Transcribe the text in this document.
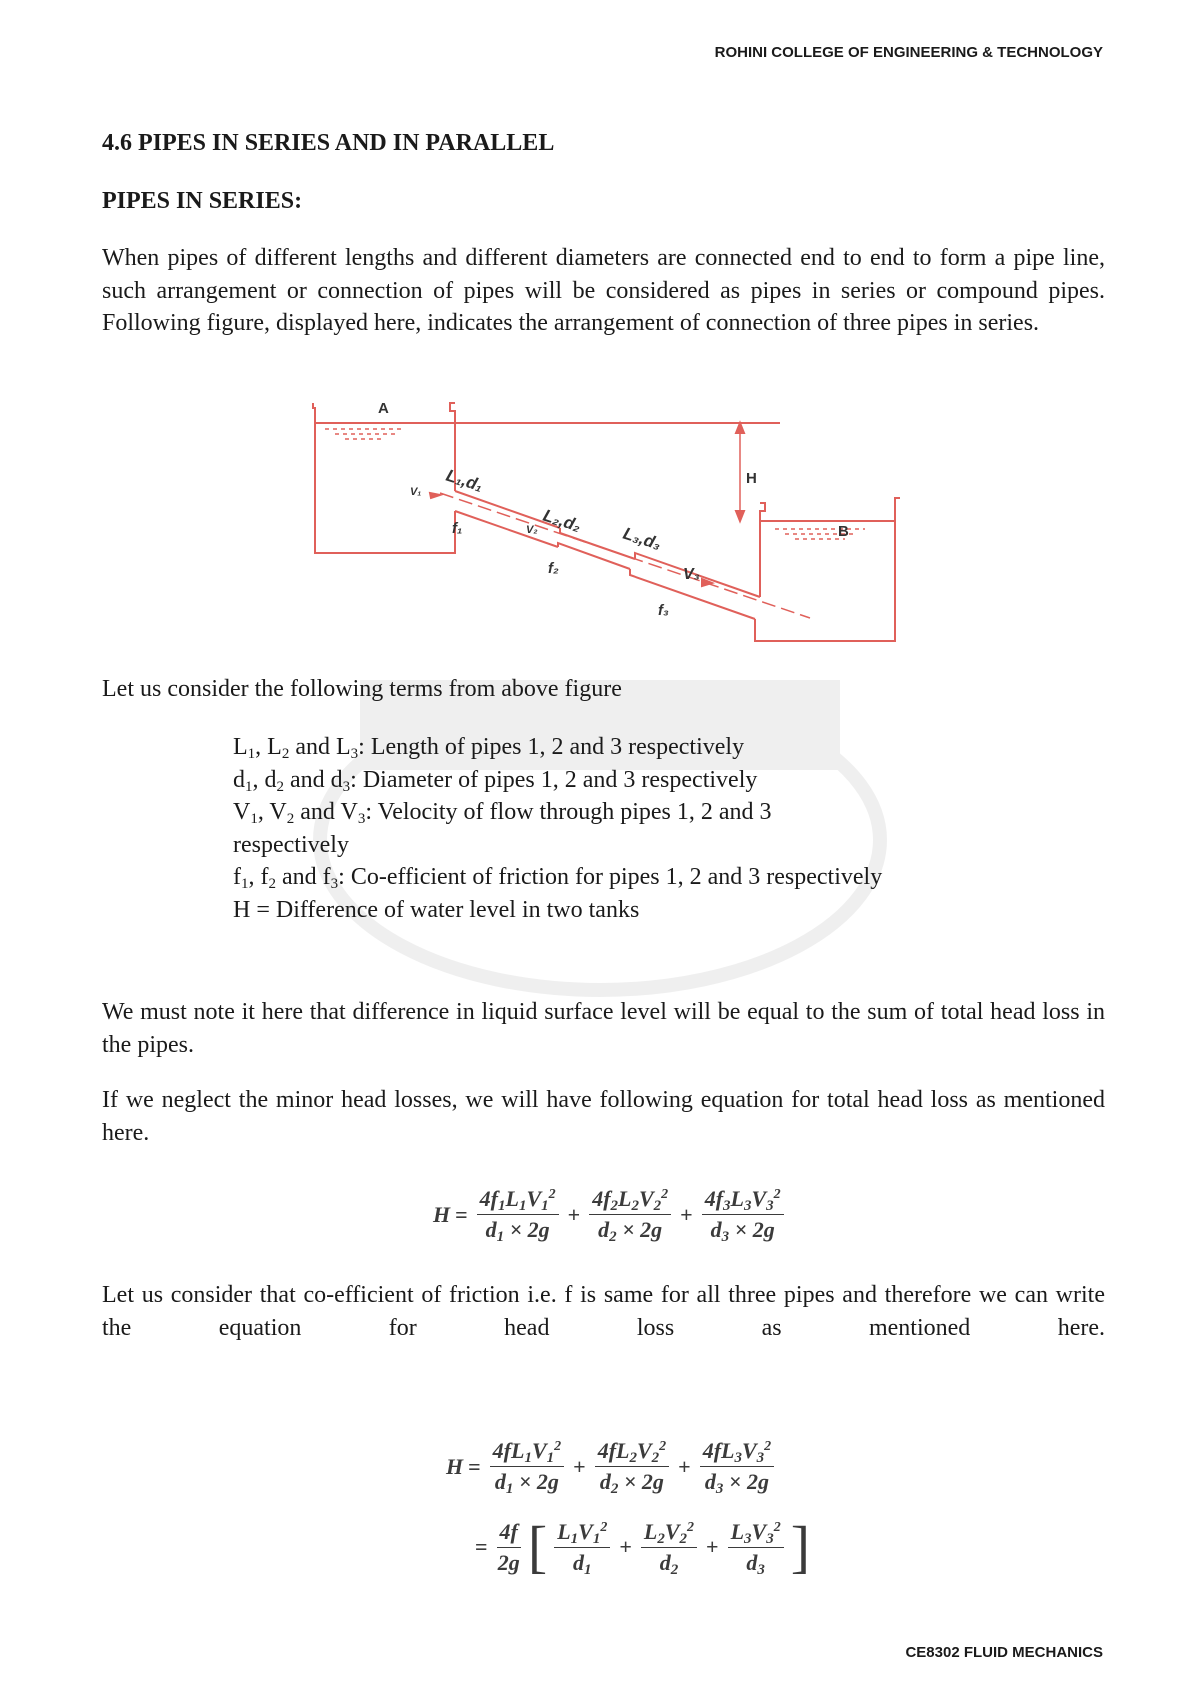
ROHINI COLLEGE OF ENGINEERING & TECHNOLOGY
4.6 PIPES IN SERIES AND IN PARALLEL
PIPES IN SERIES:

When pipes of different lengths and different diameters are connected end to end to form a pipe line, such arrangement or connection of pipes will be considered as pipes in series or compound pipes. Following figure, displayed here, indicates the arrangement of connection of three pipes in series.

A
B
H
L₁,d₁
L₂,d₂
L₃,d₃
V₁
V₂
V₃
f₁
f₂
f₃

Let us consider the following terms from above figure

$L_1$, $L_2$ and $L_3$: Length of pipes 1, 2 and 3 respectively
$d_1$, $d_2$ and $d_3$: Diameter of pipes 1, 2 and 3 respectively
$V_1$, $V_2$ and $V_3$: Velocity of flow through pipes 1, 2 and 3 respectively
$f_1$, $f_2$ and $f_3$: Co-efficient of friction for pipes 1, 2 and 3 respectively
H = Difference of water level in two tanks

We must note it here that difference in liquid surface level will be equal to the sum of total head loss in the pipes.

If we neglect the minor head losses, we will have following equation for total head loss as mentioned here.

$H = \frac{4f_1L_1V_1^2}{d_1 \times 2g} + \frac{4f_2L_2V_2^2}{d_2 \times 2g} + \frac{4f_3L_3V_3^2}{d_3 \times 2g}$

Let us consider that co-efficient of friction i.e. f is same for all three pipes and therefore we can write the equation for head loss as mentioned here.

$H = \frac{4fL_1V_1^2}{d_1 \times 2g} + \frac{4fL_2V_2^2}{d_2 \times 2g} + \frac{4fL_3V_3^2}{d_3 \times 2g}$
= $\frac{4f}{2g}$ [ $\frac{L_1V_1^2}{d_1} + \frac{L_2V_2^2}{d_2} + \frac{L_3V_3^2}{d_3}$ ]
CE8302 FLUID MECHANICS
